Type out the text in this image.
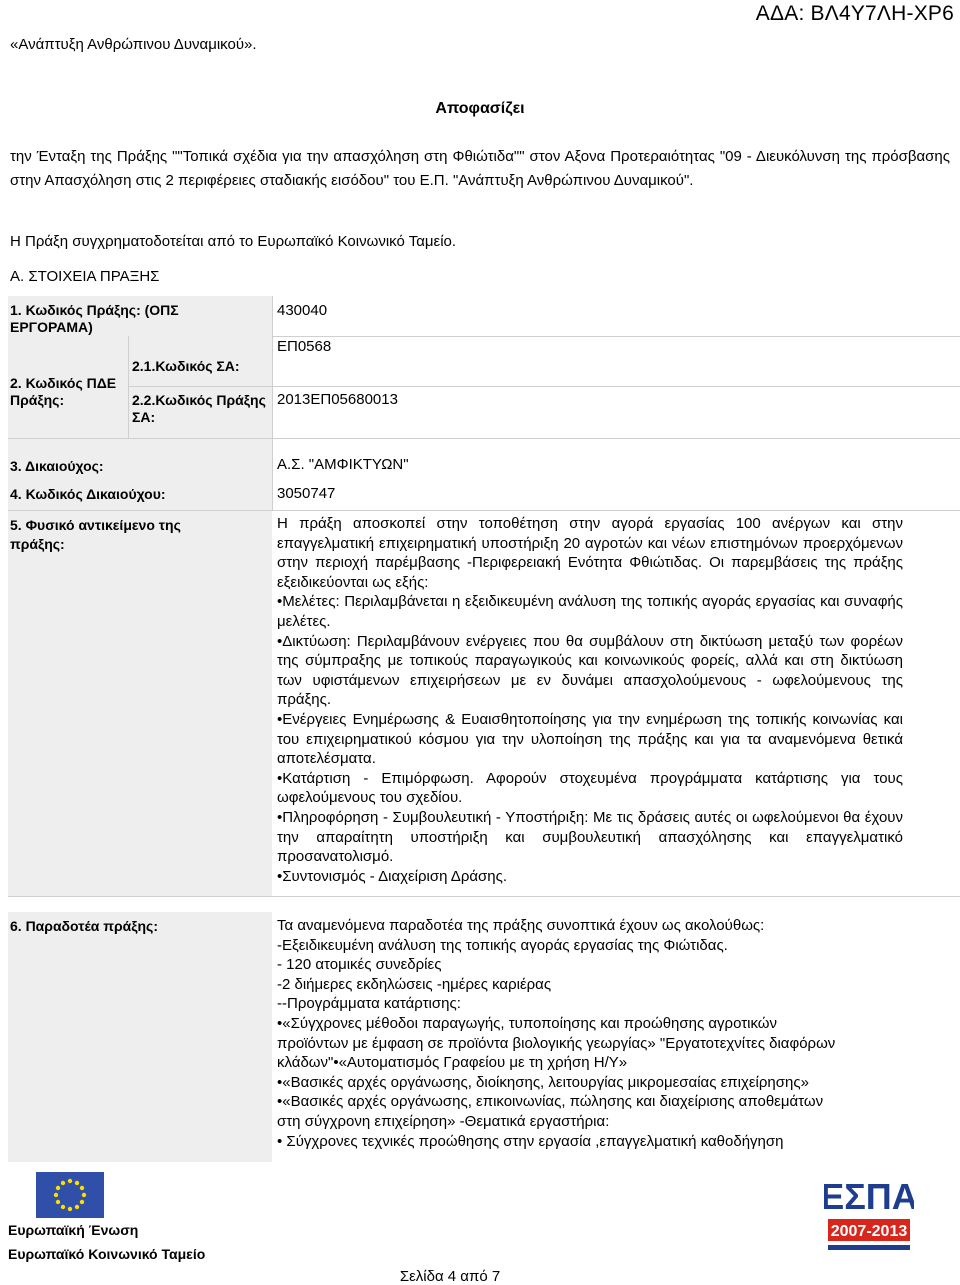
ΑΔΑ: ΒΛ4Υ7ΛΗ-ΧΡ6
«Ανάπτυξη Ανθρώπινου Δυναμικού».
Αποφασίζει
την Ένταξη της Πράξης ""Τοπικά σχέδια για την απασχόληση στη Φθιώτιδα"" στον Αξονα Προτεραιότητας "09 - Διευκόλυνση της πρόσβασης στην Απασχόληση στις 2 περιφέρειες σταδιακής εισόδου" του Ε.Π. "Ανάπτυξη Ανθρώπινου Δυναμικού".
Η Πράξη συγχρηματοδοτείται από το Ευρωπαϊκό Κοινωνικό Ταμείο.
Α. ΣΤΟΙΧΕΙΑ ΠΡΑΞΗΣ
1. Κωδικός Πράξης: (ΟΠΣ ΕΡΓΟΡΑΜΑ)
430040
2. Κωδικός ΠΔΕ Πράξης:
2.1.Κωδικός ΣΑ:
ΕΠ0568
2.2.Κωδικός Πράξης ΣΑ:
2013ΕΠ05680013
3. Δικαιούχος:	Α.Σ. "ΑΜΦΙΚΤΥΩΝ"
4. Κωδικός Δικαιούχου:	3050747
5. Φυσικό αντικείμενο της πράξης:
Η πράξη αποσκοπεί στην τοποθέτηση στην αγορά εργασίας 100 ανέργων και στην επαγγελματική επιχειρηματική υποστήριξη 20 αγροτών και νέων επιστημόνων προερχόμενων στην περιοχή παρέμβασης -Περιφερειακή Ενότητα Φθιώτιδας. Οι παρεμβάσεις της πράξης εξειδικεύονται ως εξής:
•Μελέτες: Περιλαμβάνεται η εξειδικευμένη ανάλυση της τοπικής αγοράς εργασίας και συναφής μελέτες.
•Δικτύωση: Περιλαμβάνουν ενέργειες που θα συμβάλουν στη δικτύωση μεταξύ των φορέων της σύμπραξης με τοπικούς παραγωγικούς και κοινωνικούς φορείς, αλλά και στη δικτύωση των υφιστάμενων επιχειρήσεων με εν δυνάμει απασχολούμενους - ωφελούμενους της πράξης.
•Ενέργειες Ενημέρωσης & Ευαισθητοποίησης για την ενημέρωση της τοπικής κοινωνίας και του επιχειρηματικού κόσμου για την υλοποίηση της πράξης και για τα αναμενόμενα θετικά αποτελέσματα.
•Κατάρτιση - Επιμόρφωση. Αφορούν στοχευμένα προγράμματα κατάρτισης για τους ωφελούμενους του σχεδίου.
•Πληροφόρηση - Συμβουλευτική - Υποστήριξη: Με τις δράσεις αυτές οι ωφελούμενοι θα έχουν την απαραίτητη υποστήριξη και συμβουλευτική απασχόλησης και επαγγελματικό προσανατολισμό.
•Συντονισμός - Διαχείριση Δράσης.
6. Παραδοτέα πράξης:	Τα αναμενόμενα παραδοτέα της πράξης συνοπτικά έχουν ως ακολούθως:
-Εξειδικευμένη ανάλυση της τοπικής αγοράς εργασίας της Φιώτιδας.
- 120 ατομικές συνεδρίες
-2 διήμερες εκδηλώσεις -ημέρες καριέρας
--Προγράμματα κατάρτισης:
•«Σύγχρονες μέθοδοι παραγωγής, τυποποίησης και προώθησης αγροτικών
προϊόντων με έμφαση σε προϊόντα βιολογικής γεωργίας» "Εργατοτεχνίτες διαφόρων
κλάδων"•«Αυτοματισμός Γραφείου με τη χρήση Η/Υ»
•«Βασικές αρχές οργάνωσης, διοίκησης, λειτουργίας μικρομεσαίας επιχείρησης»
•«Βασικές αρχές οργάνωσης, επικοινωνίας, πώλησης και διαχείρισης αποθεμάτων
στη σύγχρονη επιχείρηση» -Θεματικά εργαστήρια:
• Σύγχρονες τεχνικές προώθησης στην εργασία ,επαγγελματική καθοδήγηση
Ευρωπαϊκή Ένωση
Ευρωπαϊκό Κοινωνικό Ταμείο
ΕΣΠΑ
2007-2013
Σελίδα 4 από 7
